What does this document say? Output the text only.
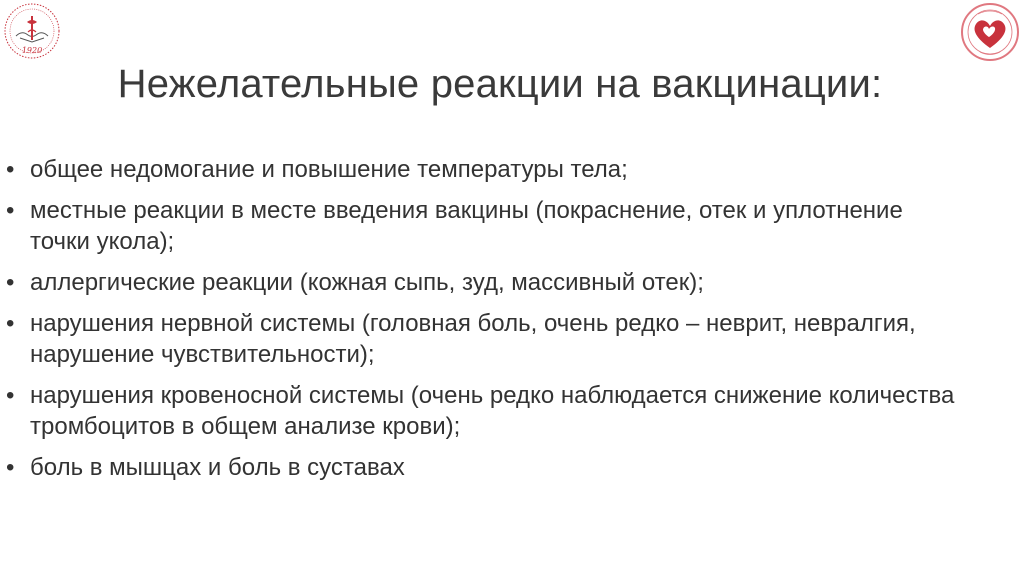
1920
Нежелательные реакции на вакцинации:
• общее недомогание и повышение температуры тела;
• местные реакции в месте введения вакцины (покраснение, отек и уплотнение точки укола);
• аллергические реакции (кожная сыпь, зуд, массивный отек);
• нарушения нервной системы (головная боль, очень редко – неврит, невралгия, нарушение чувствительности);
• нарушения кровеносной системы (очень редко наблюдается снижение количества тромбоцитов в общем анализе крови);
• боль в мышцах и боль в суставах
